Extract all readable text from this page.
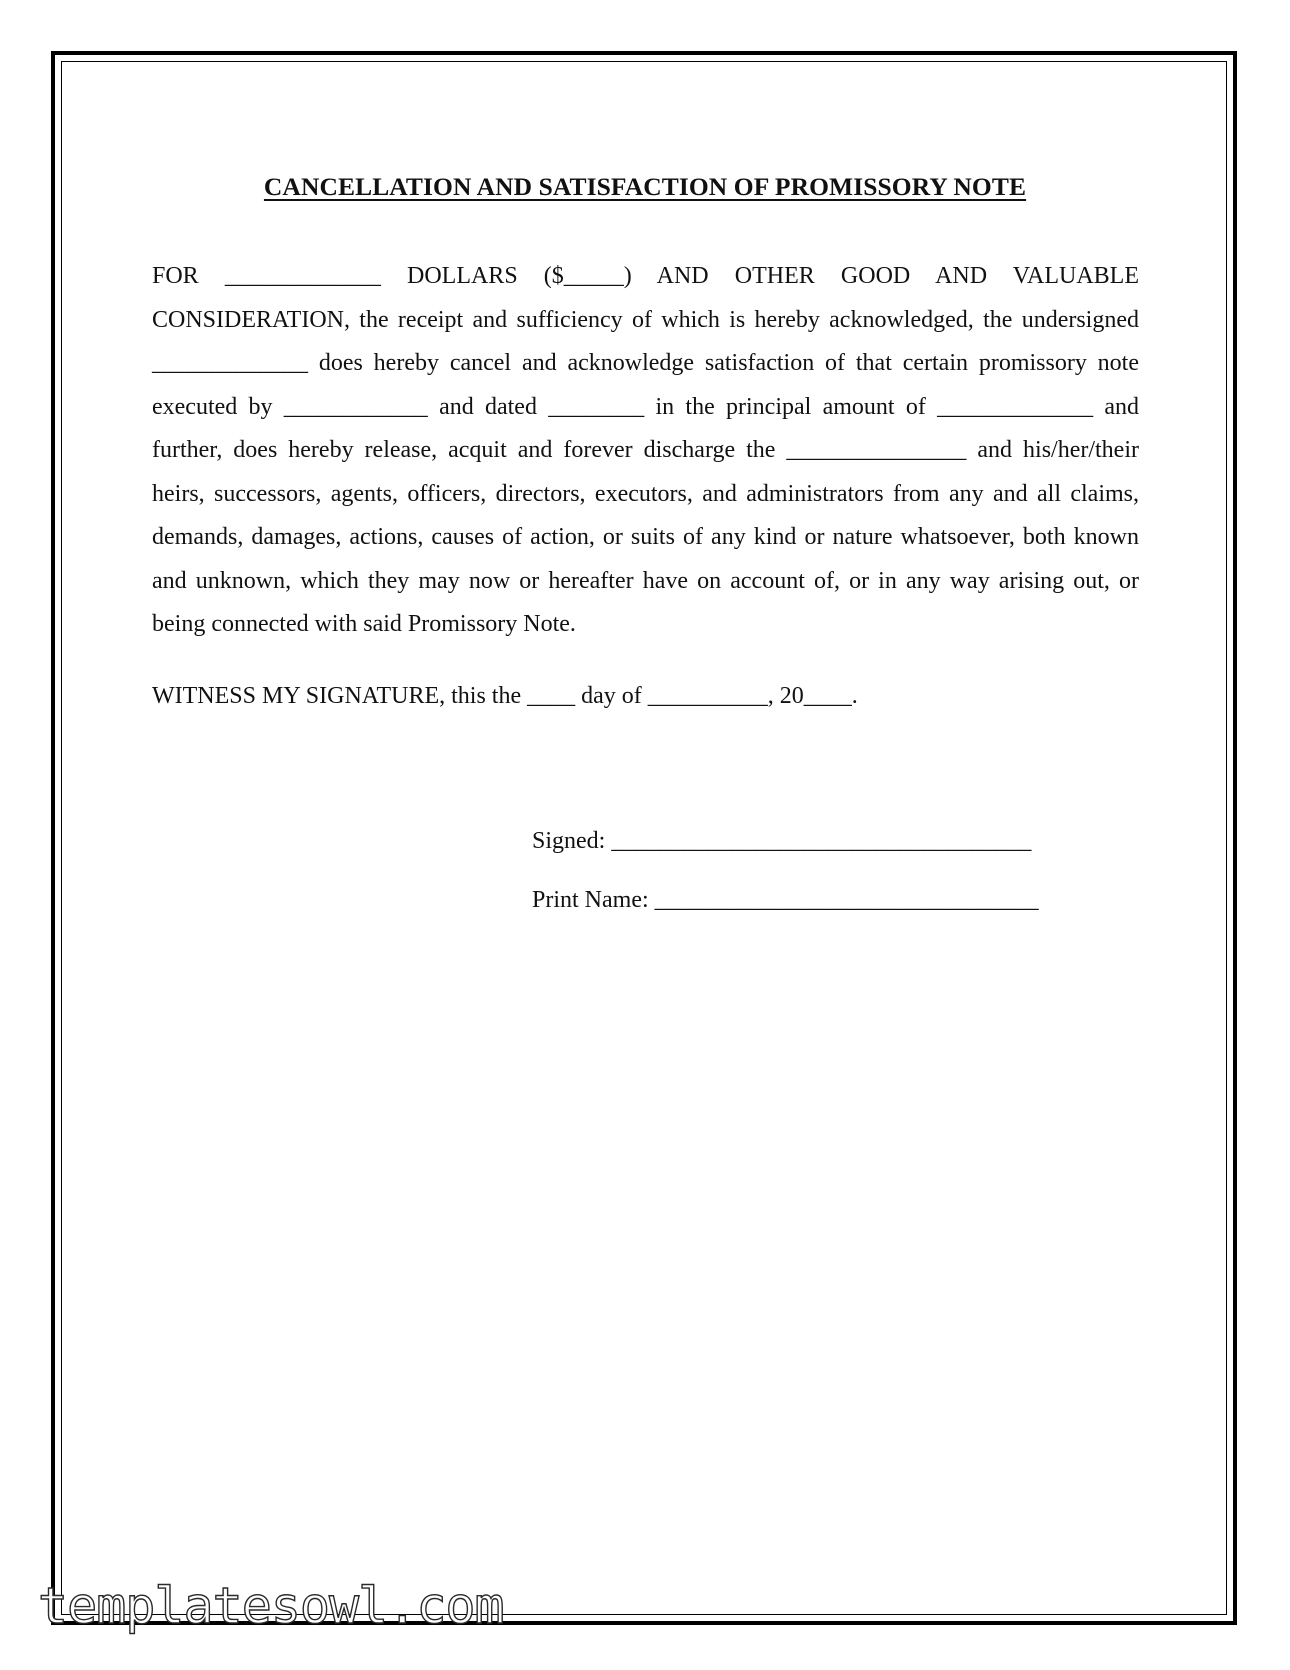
CANCELLATION AND SATISFACTION OF PROMISSORY NOTE

FOR _____________ DOLLARS ($_____) AND OTHER GOOD AND VALUABLE CONSIDERATION, the receipt and sufficiency of which is hereby acknowledged, the undersigned _____________ does hereby cancel and acknowledge satisfaction of that certain promissory note executed by ____________ and dated ________ in the principal amount of _____________ and further, does hereby release, acquit and forever discharge the _______________ and his/her/their heirs, successors, agents, officers, directors, executors, and administrators from any and all claims, demands, damages, actions, causes of action, or suits of any kind or nature whatsoever, both known and unknown, which they may now or hereafter have on account of, or in any way arising out, or being connected with said Promissory Note.

WITNESS MY SIGNATURE, this the ____ day of __________, 20____.

Signed: ___________________________________
Print Name: ________________________________
templatesowl.com
